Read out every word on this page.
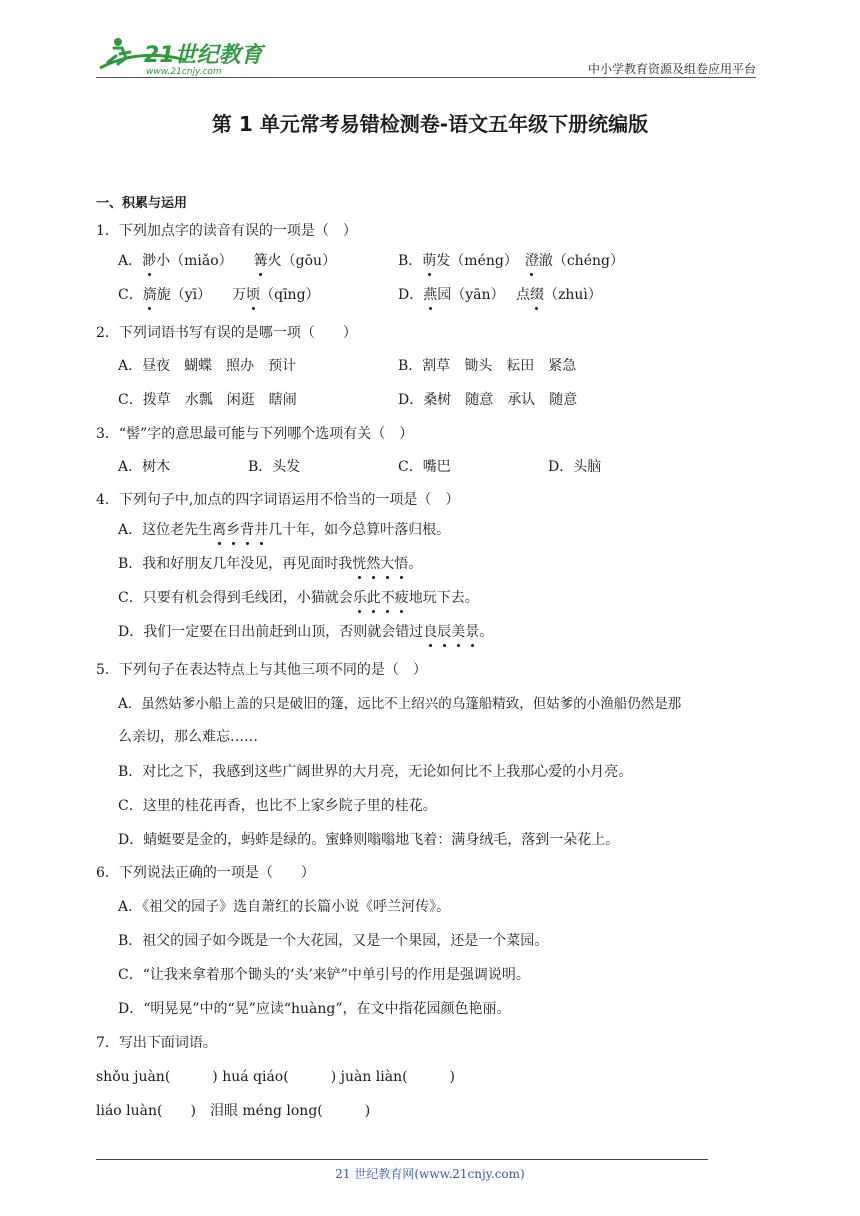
21世纪教育
www.21cnjy.com	中小学教育资源及组卷应用平台
第 1 单元常考易错检测卷-语文五年级下册统编版
一、积累与运用
1．下列加点字的读音有误的一项是（　）
A．渺小（miǎo）　　 篝火（gōu）	B．萌发（méng）　 澄澈（chéng）
C．旖旎（yī）　　 万顷（qīng）	D．燕园（yān）　 点缀（zhuì）
2．下列词语书写有误的是哪一项（　　）
A．昼夜　蝴蝶　照办　预计	B．割草　锄头　耘田　紧急
C．拨草　水瓢　闲逛　瞎闹	D．桑树　随意　承认　随意
3．“髻”字的意思最可能与下列哪个选项有关（　）
A．树木	B．头发	C．嘴巴	D．头脑
4．下列句子中,加点的四字词语运用不恰当的一项是（　）
A．这位老先生离乡背井几十年，如今总算叶落归根。
B．我和好朋友几年没见，再见面时我恍然大悟。
C．只要有机会得到毛线团，小猫就会乐此不疲地玩下去。
D．我们一定要在日出前赶到山顶，否则就会错过良辰美景。
5．下列句子在表达特点上与其他三项不同的是（　）
A．虽然姑爹小船上盖的只是破旧的篷，远比不上绍兴的乌篷船精致，但姑爹的小渔船仍然是那
么亲切，那么难忘……
B．对比之下，我感到这些广阔世界的大月亮，无论如何比不上我那心爱的小月亮。
C．这里的桂花再香，也比不上家乡院子里的桂花。
D．蜻蜓要是金的，蚂蚱是绿的。蜜蜂则嗡嗡地飞着：满身绒毛，落到一朵花上。
6．下列说法正确的一项是（　　）
A．《祖父的园子》选自萧红的长篇小说《呼兰河传》。
B．祖父的园子如今既是一个大花园，又是一个果园，还是一个菜园。
C．“让我来拿着那个锄头的‘头’来铲”中单引号的作用是强调说明。
D．“明晃晃”中的“晃”应读“huàng”，在文中指花园颜色艳丽。
7．写出下面词语。
shǒu juàn(　　　) huá qiáo(　　　) juàn liàn(　　　)
liáo luàn(　　)　泪眼 méng long(　　　)
21 世纪教育网(www.21cnjy.com)
